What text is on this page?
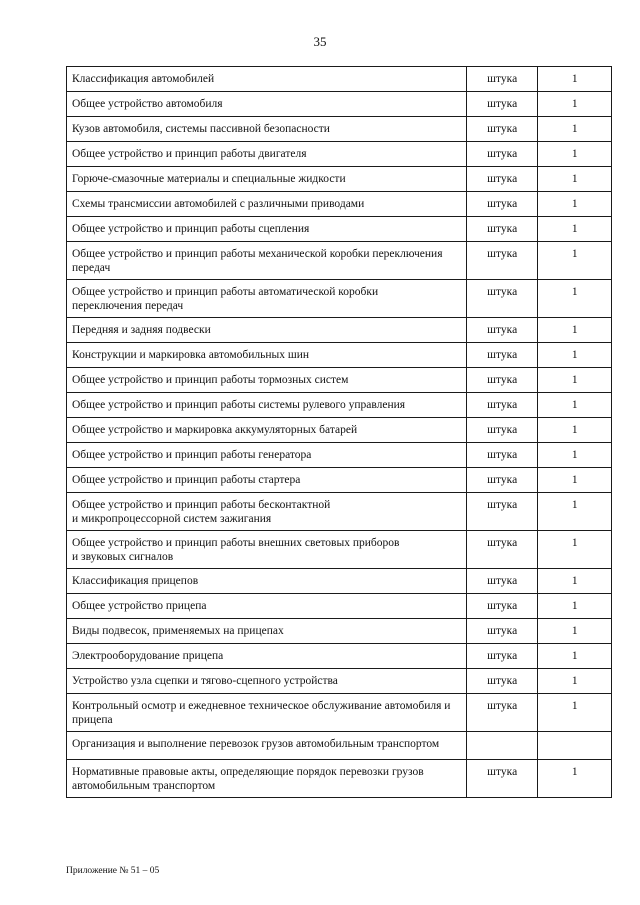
35
Классификация автомобилей	штука	1
Общее устройство автомобиля	штука	1
Кузов автомобиля, системы пассивной безопасности	штука	1
Общее устройство и принцип работы двигателя	штука	1
Горюче-смазочные материалы и специальные жидкости	штука	1
Схемы трансмиссии автомобилей с различными приводами	штука	1
Общее устройство и принцип работы сцепления	штука	1
Общее устройство и принцип работы механической коробки переключения передач	штука	1
Общее устройство и принцип работы автоматической коробки
переключения передач	штука	1
Передняя и задняя подвески	штука	1
Конструкции и маркировка автомобильных шин	штука	1
Общее устройство и принцип работы тормозных систем	штука	1
Общее устройство и принцип работы системы рулевого управления	штука	1
Общее устройство и маркировка аккумуляторных батарей	штука	1
Общее устройство и принцип работы генератора	штука	1
Общее устройство и принцип работы стартера	штука	1
Общее устройство и принцип работы бесконтактной
и микропроцессорной систем зажигания	штука	1
Общее устройство и принцип работы внешних световых приборов
и звуковых сигналов	штука	1
Классификация прицепов	штука	1
Общее устройство прицепа	штука	1
Виды подвесок, применяемых на прицепах	штука	1
Электрооборудование прицепа	штука	1
Устройство узла сцепки и тягово-сцепного устройства	штука	1
Контрольный осмотр и ежедневное техническое обслуживание автомобиля и прицепа	штука	1
Организация и выполнение перевозок грузов автомобильным транспортом		
Нормативные правовые акты, определяющие порядок перевозки грузов автомобильным транспортом	штука	1
Приложение № 51 – 05
